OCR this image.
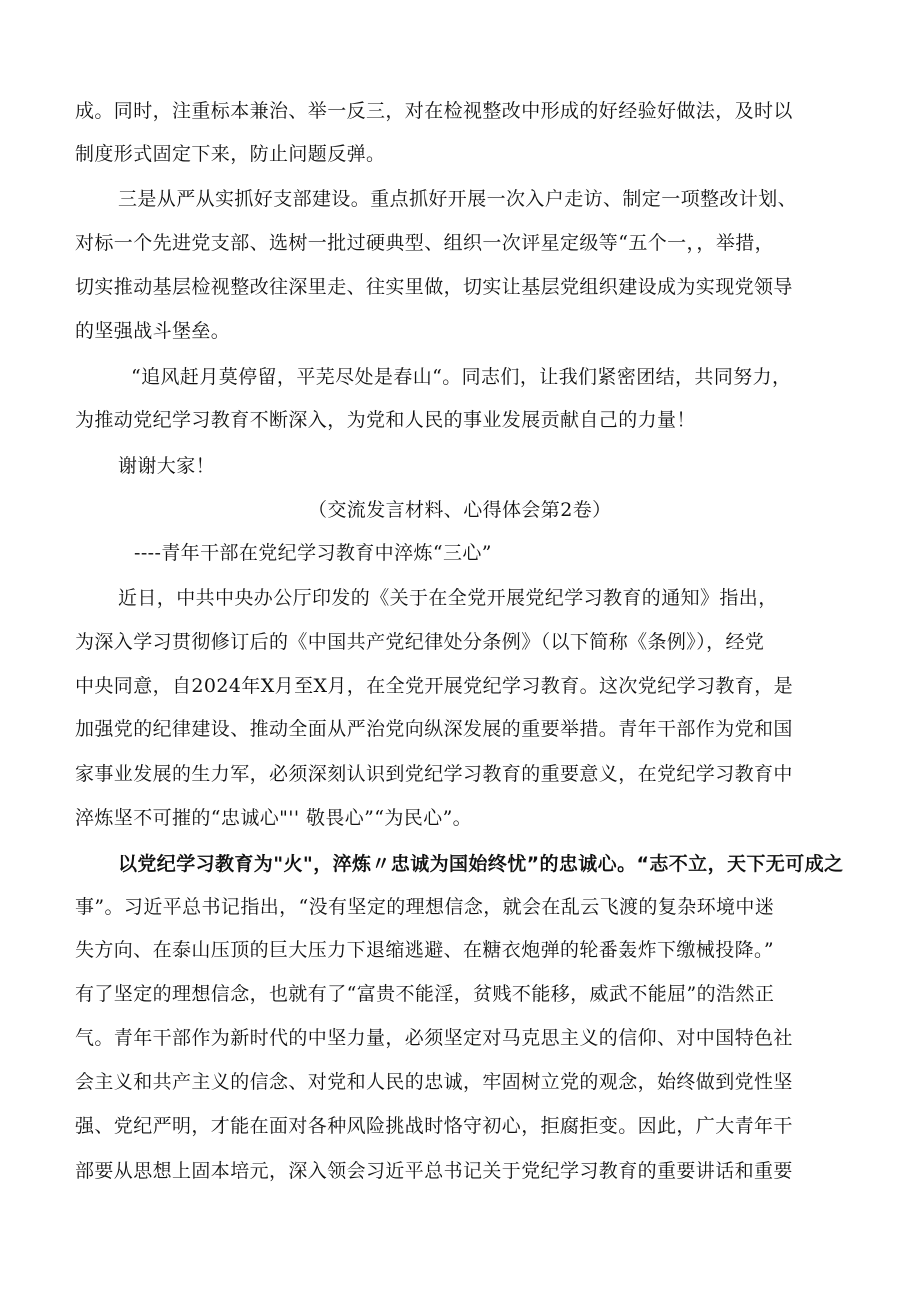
成。同时，注重标本兼治、举一反三，对在检视整改中形成的好经验好做法，及时以
制度形式固定下来，防止问题反弹。
三是从严从实抓好支部建设。重点抓好开展一次入户走访、制定一项整改计划、
对标一个先进党支部、选树一批过硬典型、组织一次评星定级等“五个一，，举措，
切实推动基层检视整改往深里走、往实里做，切实让基层党组织建设成为实现党领导
的坚强战斗堡垒。
“追风赶月莫停留，平芜尽处是春山“。同志们，让我们紧密团结，共同努力，
为推动党纪学习教育不断深入，为党和人民的事业发展贡献自己的力量！
谢谢大家！
（交流发言材料、心得体会第2卷）
----青年干部在党纪学习教育中淬炼“三心”
近日，中共中央办公厅印发的《关于在全党开展党纪学习教育的通知》指出，
为深入学习贯彻修订后的《中国共产党纪律处分条例》（以下简称《条例》），经党
中央同意，自2024年X月至X月，在全党开展党纪学习教育。这次党纪学习教育，是
加强党的纪律建设、推动全面从严治党向纵深发展的重要举措。青年干部作为党和国
家事业发展的生力军，必须深刻认识到党纪学习教育的重要意义，在党纪学习教育中
淬炼坚不可摧的“忠诚心"'' 敬畏心”“为民心”。
以党纪学习教育为"火"，淬炼〃忠诚为国始终忧”的忠诚心。“志不立，天下无可成之
事”。习近平总书记指出，“没有坚定的理想信念，就会在乱云飞渡的复杂环境中迷
失方向、在泰山压顶的巨大压力下退缩逃避、在糖衣炮弹的轮番轰炸下缴械投降。”
有了坚定的理想信念，也就有了“富贵不能淫，贫贱不能移，威武不能屈”的浩然正
气。青年干部作为新时代的中坚力量，必须坚定对马克思主义的信仰、对中国特色社
会主义和共产主义的信念、对党和人民的忠诚，牢固树立党的观念，始终做到党性坚
强、党纪严明，才能在面对各种风险挑战时恪守初心，拒腐拒变。因此，广大青年干
部要从思想上固本培元，深入领会习近平总书记关于党纪学习教育的重要讲话和重要
